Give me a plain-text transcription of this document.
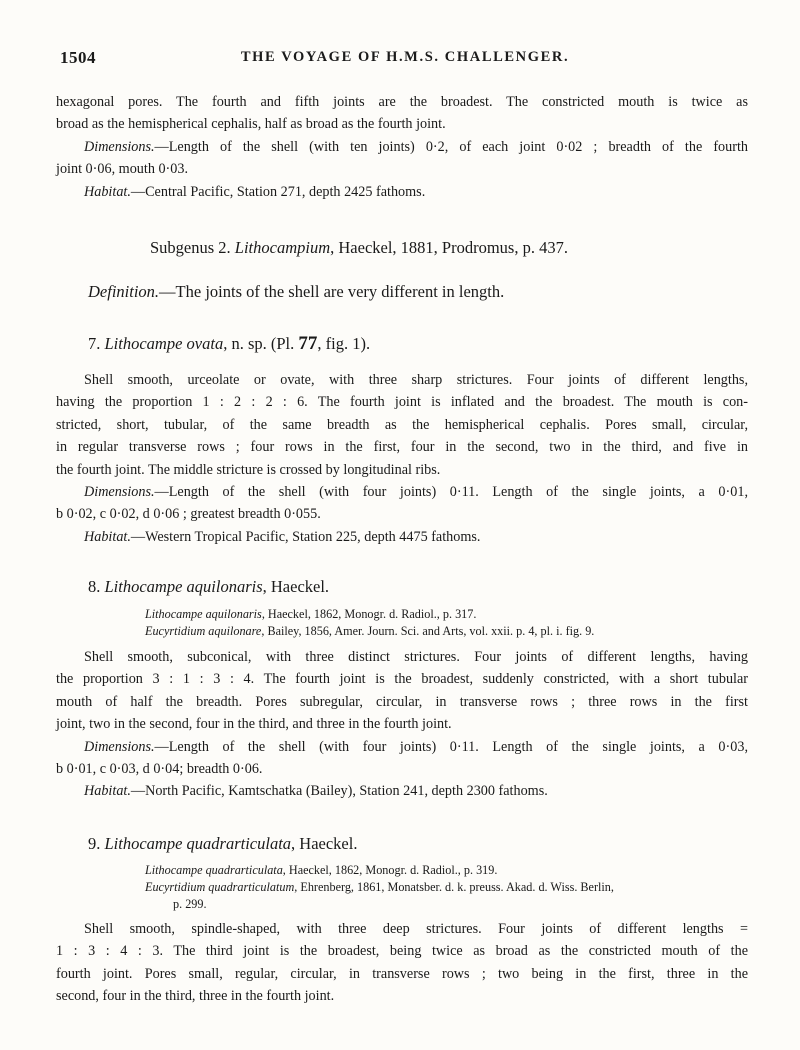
1504	THE VOYAGE OF H.M.S. CHALLENGER.
hexagonal pores. The fourth and fifth joints are the broadest. The constricted mouth is twice as
broad as the hemispherical cephalis, half as broad as the fourth joint.
Dimensions.—Length of the shell (with ten joints) 0·2, of each joint 0·02 ; breadth of the fourth
joint 0·06, mouth 0·03.
Habitat.—Central Pacific, Station 271, depth 2425 fathoms.
Subgenus 2. Lithocampium, Haeckel, 1881, Prodromus, p. 437.
Definition.—The joints of the shell are very different in length.
7. Lithocampe ovata, n. sp. (Pl. 77, fig. 1).
Shell smooth, urceolate or ovate, with three sharp strictures. Four joints of different lengths,
having the proportion 1 : 2 : 2 : 6. The fourth joint is inflated and the broadest. The mouth is con-
stricted, short, tubular, of the same breadth as the hemispherical cephalis. Pores small, circular,
in regular transverse rows ; four rows in the first, four in the second, two in the third, and five in
the fourth joint. The middle stricture is crossed by longitudinal ribs.
Dimensions.—Length of the shell (with four joints) 0·11. Length of the single joints, a 0·01,
b 0·02, c 0·02, d 0·06 ; greatest breadth 0·055.
Habitat.—Western Tropical Pacific, Station 225, depth 4475 fathoms.
8. Lithocampe aquilonaris, Haeckel.
Lithocampe aquilonaris, Haeckel, 1862, Monogr. d. Radiol., p. 317.
Eucyrtidium aquilonare, Bailey, 1856, Amer. Journ. Sci. and Arts, vol. xxii. p. 4, pl. i. fig. 9.
Shell smooth, subconical, with three distinct strictures. Four joints of different lengths, having
the proportion 3 : 1 : 3 : 4. The fourth joint is the broadest, suddenly constricted, with a short tubular
mouth of half the breadth. Pores subregular, circular, in transverse rows ; three rows in the first
joint, two in the second, four in the third, and three in the fourth joint.
Dimensions.—Length of the shell (with four joints) 0·11. Length of the single joints, a 0·03,
b 0·01, c 0·03, d 0·04; breadth 0·06.
Habitat.—North Pacific, Kamtschatka (Bailey), Station 241, depth 2300 fathoms.
9. Lithocampe quadrarticulata, Haeckel.
Lithocampe quadrarticulata, Haeckel, 1862, Monogr. d. Radiol., p. 319.
Eucyrtidium quadrarticulatum, Ehrenberg, 1861, Monatsber. d. k. preuss. Akad. d. Wiss. Berlin,
p. 299.
Shell smooth, spindle-shaped, with three deep strictures. Four joints of different lengths =
1 : 3 : 4 : 3. The third joint is the broadest, being twice as broad as the constricted mouth of the
fourth joint. Pores small, regular, circular, in transverse rows ; two being in the first, three in the
second, four in the third, three in the fourth joint.
